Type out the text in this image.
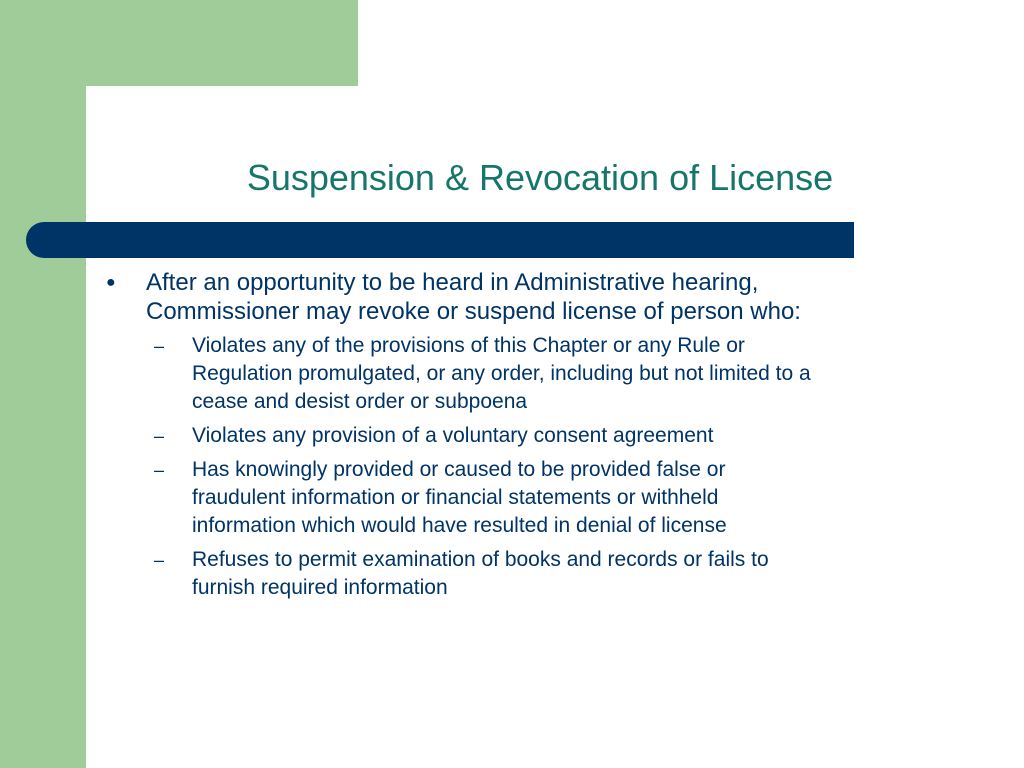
Suspension & Revocation of License
●	After an opportunity to be heard in Administrative hearing,
Commissioner may revoke or suspend license of person who:
–	Violates any of the provisions of this Chapter or any Rule or
Regulation promulgated, or any order, including but not limited to a
cease and desist order or subpoena
–	Violates any provision of a voluntary consent agreement
–	Has knowingly provided or caused to be provided false or
fraudulent information or financial statements or withheld
information which would have resulted in denial of license
–	Refuses to permit examination of books and records or fails to
furnish required information
